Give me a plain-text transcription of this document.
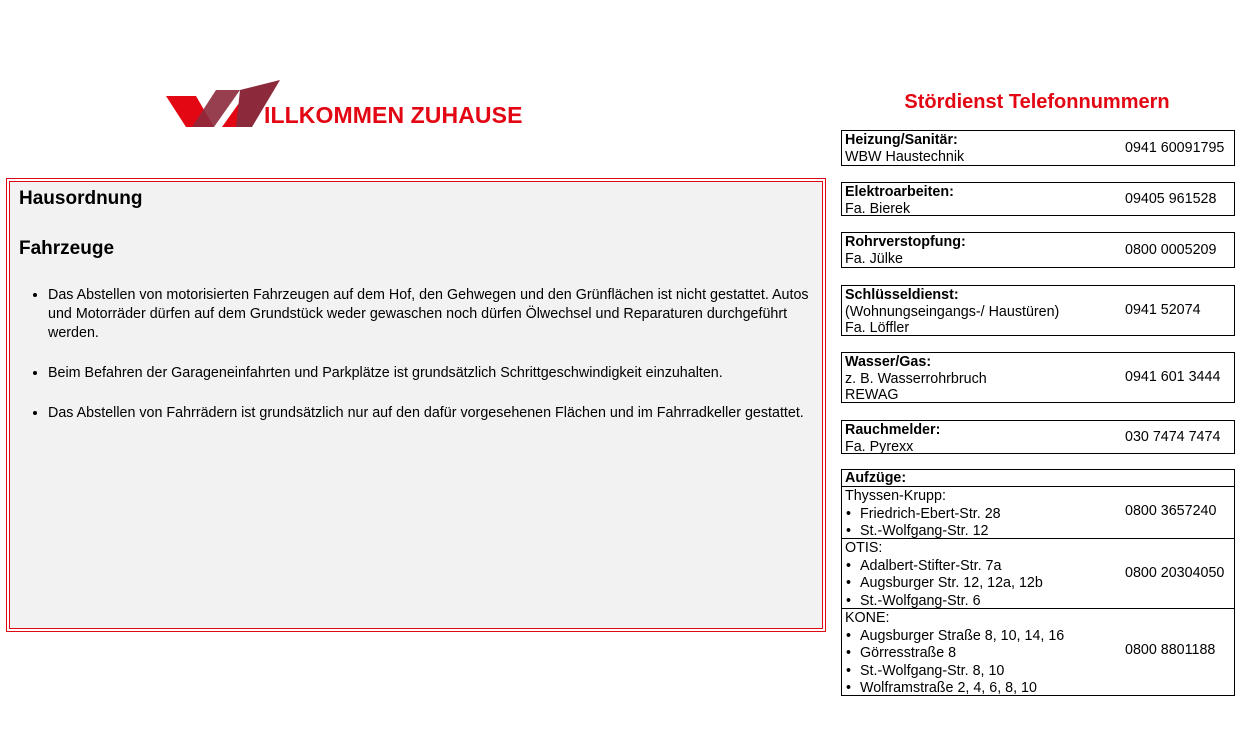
ILLKOMMEN ZUHAUSE
Hausordnung
Fahrzeuge
• Das Abstellen von motorisierten Fahrzeugen auf dem Hof, den Gehwegen und den Grünflächen ist nicht gestattet. Autos und Motorräder dürfen auf dem Grundstück weder gewaschen noch dürfen Ölwechsel und Reparaturen durchgeführt werden.
• Beim Befahren der Garageneinfahrten und Parkplätze ist grundsätzlich Schrittgeschwindigkeit einzuhalten.
• Das Abstellen von Fahrrädern ist grundsätzlich nur auf den dafür vorgesehenen Flächen und im Fahrradkeller gestattet.
Stördienst Telefonnummern
Heizung/Sanitär:
WBW Haustechnik
0941 60091795
Elektroarbeiten:
Fa. Bierek
09405 961528
Rohrverstopfung:
Fa. Jülke
0800 0005209
Schlüsseldienst:
(Wohnungseingangs-/ Haustüren)
Fa. Löffler
0941 52074
Wasser/Gas:
z. B. Wasserrohrbruch
REWAG
0941 601 3444
Rauchmelder:
Fa. Pyrexx
030 7474 7474
Aufzüge:
Thyssen-Krupp:
• Friedrich-Ebert-Str. 28
• St.-Wolfgang-Str. 12
0800 3657240
OTIS:
• Adalbert-Stifter-Str. 7a
• Augsburger Str. 12, 12a, 12b
• St.-Wolfgang-Str. 6
0800 20304050
KONE:
• Augsburger Straße 8, 10, 14, 16
• Görresstraße 8
• St.-Wolfgang-Str. 8, 10
• Wolframstraße 2, 4, 6, 8, 10
0800 8801188
